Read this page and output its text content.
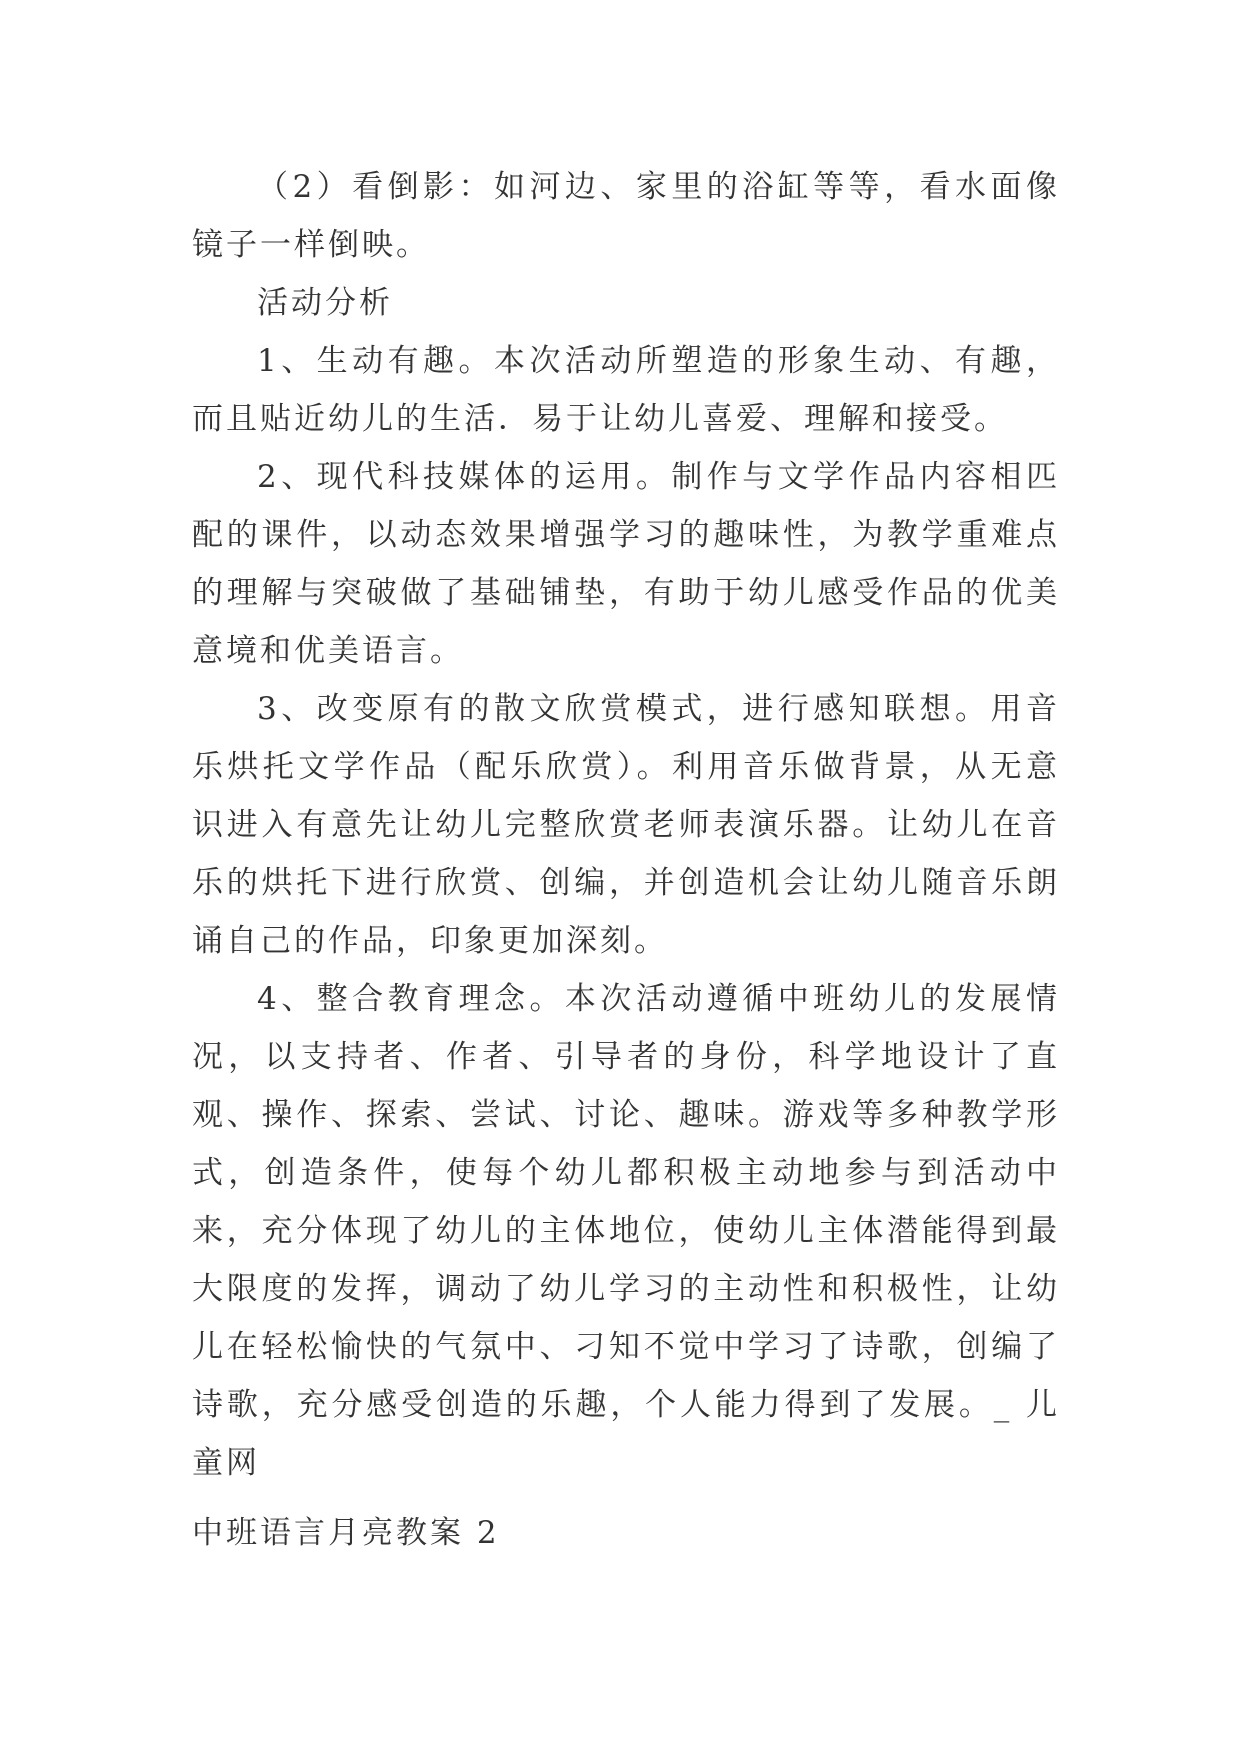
（2）看倒影：如河边、家里的浴缸等等，看水面像镜子一样倒映。

活动分析

1、生动有趣。本次活动所塑造的形象生动、有趣，而且贴近幼儿的生活．易于让幼儿喜爱、理解和接受。

2、现代科技媒体的运用。制作与文学作品内容相匹配的课件，以动态效果增强学习的趣味性，为教学重难点的理解与突破做了基础铺垫，有助于幼儿感受作品的优美意境和优美语言。

3、改变原有的散文欣赏模式，进行感知联想。用音乐烘托文学作品（配乐欣赏）。利用音乐做背景，从无意识进入有意先让幼儿完整欣赏老师表演乐器。让幼儿在音乐的烘托下进行欣赏、创编，并创造机会让幼儿随音乐朗诵自己的作品，印象更加深刻。

4、整合教育理念。本次活动遵循中班幼儿的发展情况，以支持者、作者、引导者的身份，科学地设计了直观、操作、探索、尝试、讨论、趣味。游戏等多种教学形式，创造条件，使每个幼儿都积极主动地参与到活动中来，充分体现了幼儿的主体地位，使幼儿主体潜能得到最大限度的发挥，调动了幼儿学习的主动性和积极性，让幼儿在轻松愉快的气氛中、刁知不觉中学习了诗歌，创编了诗歌，充分感受创造的乐趣，个人能力得到了发展。_ 儿童网

中班语言月亮教案 2
